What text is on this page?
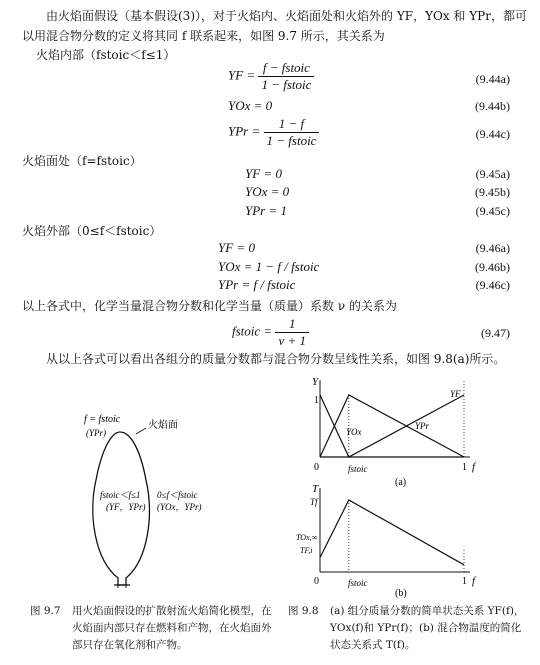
由火焰面假设（基本假设(3)），对于火焰内、火焰面处和火焰外的 YF，YOx 和 YPr，都可以用混合物分数的定义将其同 f 联系起来，如图 9.7 所示，其关系为
火焰内部（fstoic＜f≤1）
YF = $\frac{\text{f − fstoic}}{\text{1 − fstoic}}$	(9.44a)
YOx = 0	(9.44b)
YPr = $\frac{1 - f}{\text{1 − fstoic}}$	(9.44c)
火焰面处（f=fstoic）
YF = 0	(9.45a)
YOx = 0	(9.45b)
YPr = 1	(9.45c)
火焰外部（0≤f＜fstoic）
YF = 0	(9.46a)
YOx = 1 − f / fstoic	(9.46b)
YPr = f / fstoic	(9.46c)
以上各式中，化学当量混合物分数和化学当量（质量）系数 ν 的关系为
fstoic = $\frac{1}{\nu + 1}$	(9.47)
从以上各式可以看出各组分的质量分数都与混合物分数呈线性关系，如图 9.8(a)所示。
f = fstoic
(YPr)
火焰面
fstoic＜f≤1
(YF，YPr)
0≤f＜fstoic
(YOx，YPr)
图 9.7 用火焰面假设的扩散射流火焰简化模型，在火焰面内部只存在燃料和产物，在火焰面外部只存在氧化剂和产物。
Y
1
0	fstoic	1 f
YF
YOx
YPr
(a)
T
Tf
TOx,∞
TF,i
0	fstoic	1 f
(b)
图 9.8 (a) 组分质量分数的简单状态关系 YF(f)，YOx(f)和 YPr(f)；(b) 混合物温度的简化状态关系式 T(f)。
